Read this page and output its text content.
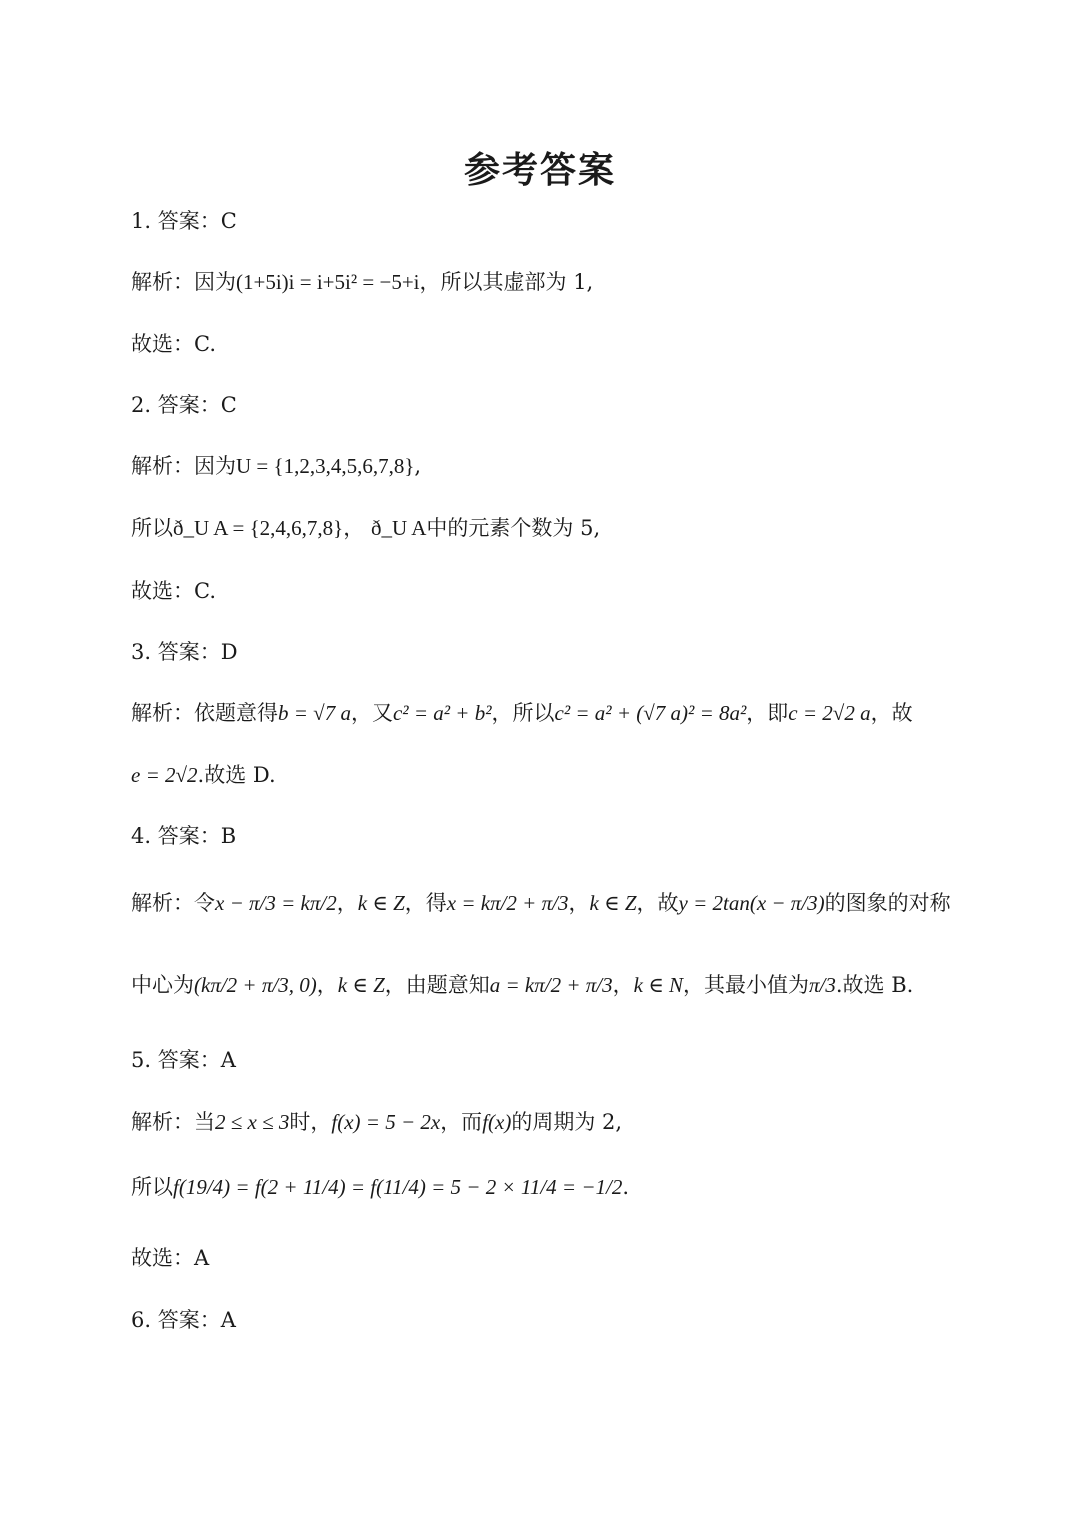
参考答案
1. 答案：C
解析：因为(1+5i)i = i+5i² = −5+i，所以其虚部为 1,
故选：C.
2. 答案：C
解析：因为U = {1,2,3,4,5,6,7,8},
所以ð_U A = {2,4,6,7,8}， ð_U A中的元素个数为 5,
故选：C.
3. 答案：D
解析：依题意得b = √7 a，又c² = a² + b²，所以c² = a² + (√7 a)² = 8a²，即c = 2√2 a，故
e = 2√2.故选 D.
4. 答案：B
解析：令x − π/3 = kπ/2，k ∈ Z，得x = kπ/2 + π/3，k ∈ Z，故y = 2tan(x − π/3)的图象的对称
中心为(kπ/2 + π/3, 0)，k ∈ Z，由题意知a = kπ/2 + π/3，k ∈ N，其最小值为π/3.故选 B.
5. 答案：A
解析：当2 ≤ x ≤ 3时，f(x) = 5 − 2x，而f(x)的周期为 2,
所以f(19/4) = f(2 + 11/4) = f(11/4) = 5 − 2 × 11/4 = −1/2.
故选：A
6. 答案：A
